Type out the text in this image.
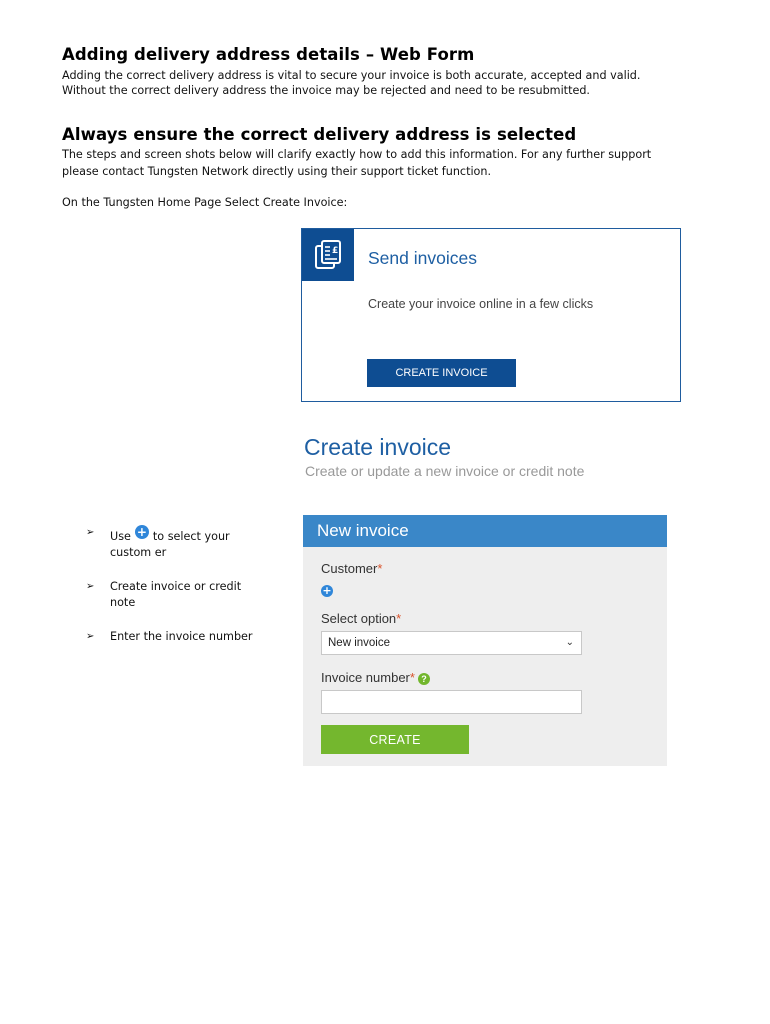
Adding delivery address details – Web Form

Adding the correct delivery address is vital to secure your invoice is both accurate, accepted and valid.

Without the correct delivery address the invoice may be rejected and need to be resubmitted.

Always ensure the correct delivery address is selected

The steps and screen shots below will clarify exactly how to add this information. For any further support

please contact Tungsten Network directly using their support ticket function.

On the Tungsten Home Page Select Create Invoice:

£ Send invoices
Create your invoice online in a few clicks
CREATE INVOICE
Create invoice
Create or update a new invoice or credit note
➢ Use + to select your
custom er
➢ Create invoice or credit
note
➢ Enter the invoice number
New invoice
Customer*
+
Select option*
New invoice	⌄
Invoice number* ?
CREATE
